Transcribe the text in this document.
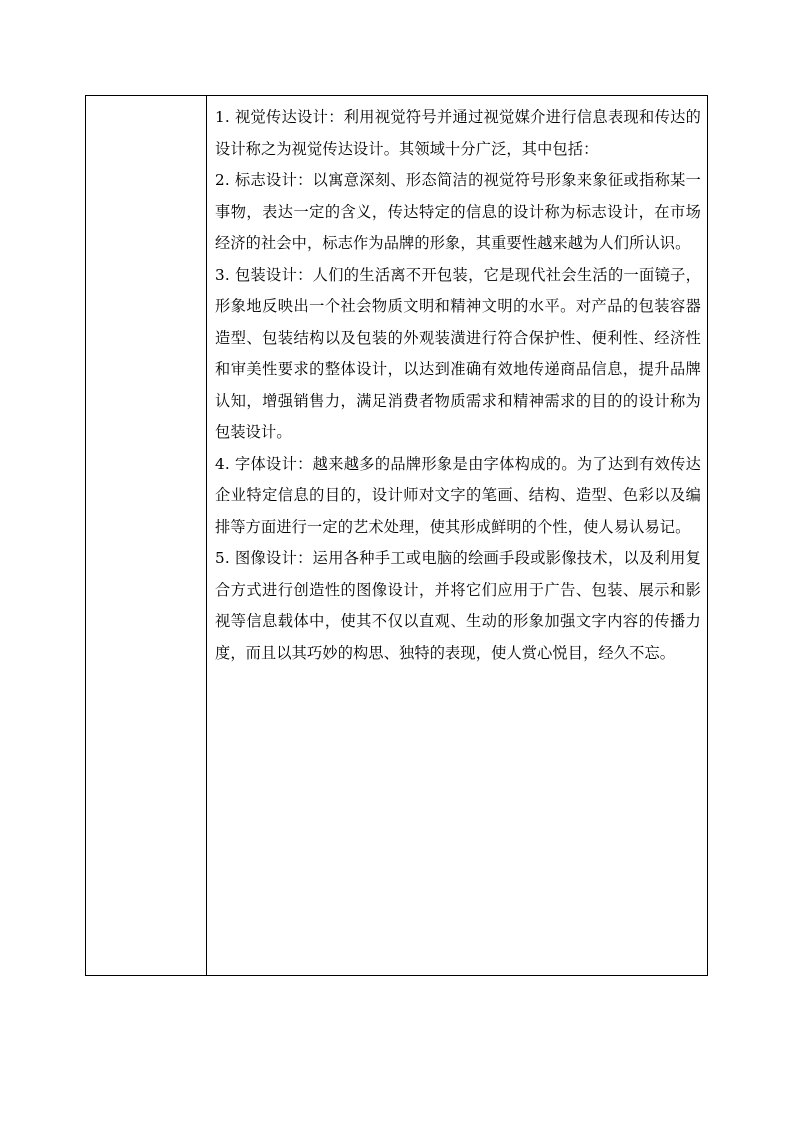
1. 视觉传达设计：利用视觉符号并通过视觉媒介进行信息表现和传达的设计称之为视觉传达设计。其领域十分广泛，其中包括：

2. 标志设计：以寓意深刻、形态简洁的视觉符号形象来象征或指称某一事物，表达一定的含义，传达特定的信息的设计称为标志设计，在市场经济的社会中，标志作为品牌的形象，其重要性越来越为人们所认识。

3. 包装设计：人们的生活离不开包装，它是现代社会生活的一面镜子，形象地反映出一个社会物质文明和精神文明的水平。对产品的包装容器造型、包装结构以及包装的外观装潢进行符合保护性、便利性、经济性和审美性要求的整体设计，以达到准确有效地传递商品信息，提升品牌认知，增强销售力，满足消费者物质需求和精神需求的目的的设计称为包装设计。

4. 字体设计：越来越多的品牌形象是由字体构成的。为了达到有效传达企业特定信息的目的，设计师对文字的笔画、结构、造型、色彩以及编排等方面进行一定的艺术处理，使其形成鲜明的个性，使人易认易记。

5. 图像设计：运用各种手工或电脑的绘画手段或影像技术，以及利用复合方式进行创造性的图像设计，并将它们应用于广告、包装、展示和影视等信息载体中，使其不仅以直观、生动的形象加强文字内容的传播力度，而且以其巧妙的构思、独特的表现，使人赏心悦目，经久不忘。
